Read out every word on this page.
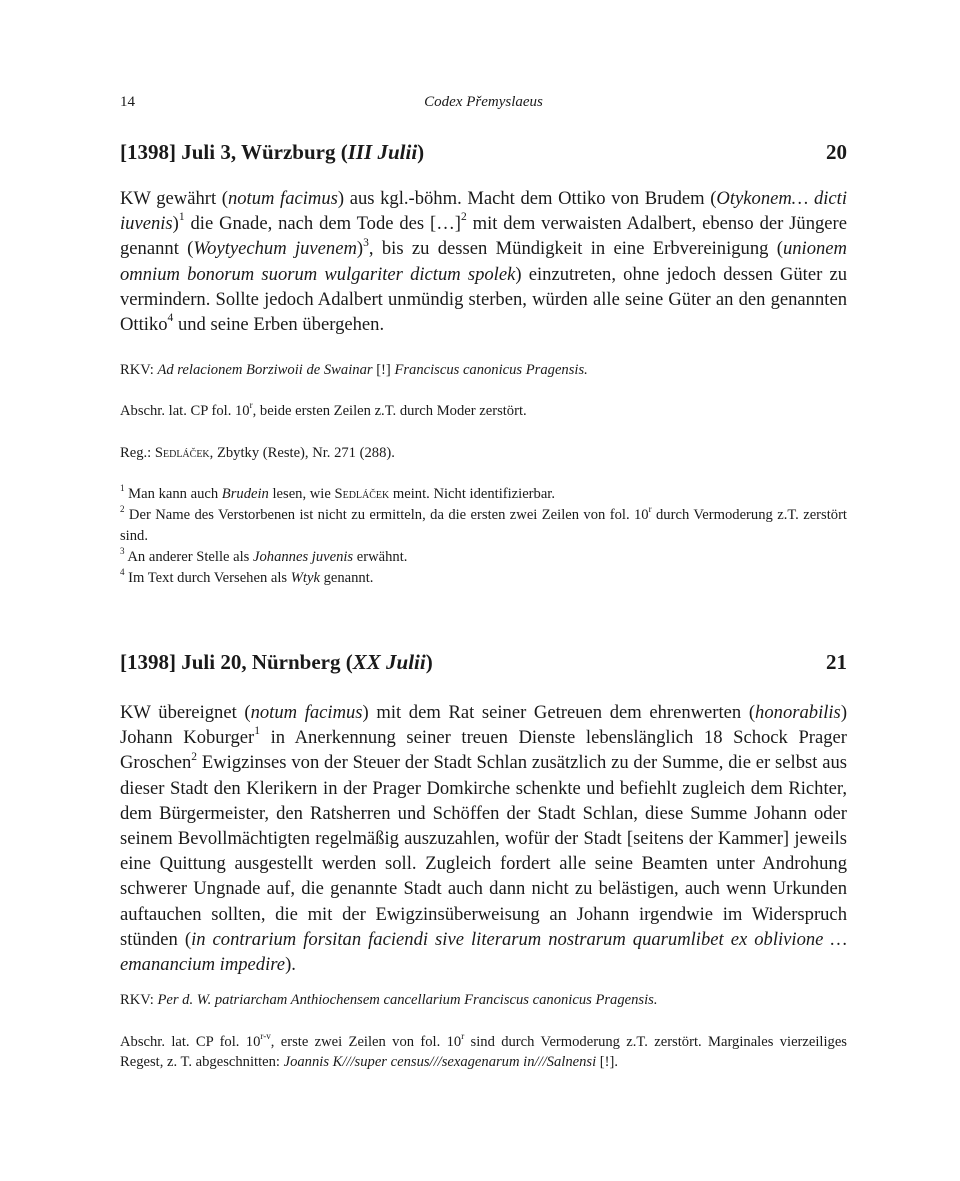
14	Codex Přemyslaeus
[1398] Juli 3, Würzburg (III Julii)	20
KW gewährt (notum facimus) aus kgl.-böhm. Macht dem Ottiko von Brudem (Otykonem… dicti iuvenis)$^1$ die Gnade, nach dem Tode des […]$^2$ mit dem verwaisten Adalbert, ebenso der Jüngere genannt (Woytyechum juvenem)$^3$, bis zu dessen Mündigkeit in eine Erbvereinigung (unionem omnium bonorum suorum wulgariter dictum spolek) einzutreten, ohne jedoch dessen Güter zu vermindern. Sollte jedoch Adalbert unmündig sterben, würden alle seine Güter an den genannten Ottiko$^4$ und seine Erben übergehen.
RKV: Ad relacionem Borziwoii de Swainar [!] Franciscus canonicus Pragensis.
Abschr. lat. CP fol. 10$^r$, beide ersten Zeilen z.T. durch Moder zerstört.
Reg.: Sedláček, Zbytky (Reste), Nr. 271 (288).

$^1$ Man kann auch Brudein lesen, wie Sedláček meint. Nicht identifizierbar.

$^2$ Der Name des Verstorbenen ist nicht zu ermitteln, da die ersten zwei Zeilen von fol. 10$^r$ durch Vermoderung z.T. zerstört sind.

$^3$ An anderer Stelle als Johannes juvenis erwähnt.

$^4$ Im Text durch Versehen als Wtyk genannt.

[1398] Juli 20, Nürnberg (XX Julii)	21
KW übereignet (notum facimus) mit dem Rat seiner Getreuen dem ehrenwerten (honorabilis) Johann Koburger$^1$ in Anerkennung seiner treuen Dienste lebenslänglich 18 Schock Prager Groschen$^2$ Ewigzinses von der Steuer der Stadt Schlan zusätzlich zu der Summe, die er selbst aus dieser Stadt den Klerikern in der Prager Domkirche schenkte und befiehlt zugleich dem Richter, dem Bürgermeister, den Ratsherren und Schöffen der Stadt Schlan, diese Summe Johann oder seinem Bevollmächtigten regelmäßig auszuzahlen, wofür der Stadt [seitens der Kammer] jeweils eine Quittung ausgestellt werden soll. Zugleich fordert alle seine Beamten unter Androhung schwerer Ungnade auf, die genannte Stadt auch dann nicht zu belästigen, auch wenn Urkunden auftauchen sollten, die mit der Ewigzinsüberweisung an Johann irgendwie im Widerspruch stünden (in contrarium forsitan faciendi sive literarum nostrarum quarumlibet ex oblivione …emanancium impedire).
RKV: Per d. W. patriarcham Anthiochensem cancellarium Franciscus canonicus Pragensis.
Abschr. lat. CP fol. 10$^{r-v}$, erste zwei Zeilen von fol. 10$^r$ sind durch Vermoderung z.T. zerstört. Marginales vierzeiliges Regest, z. T. abgeschnitten: Joannis K///super census///sexagenarum in///Salnensi [!].
